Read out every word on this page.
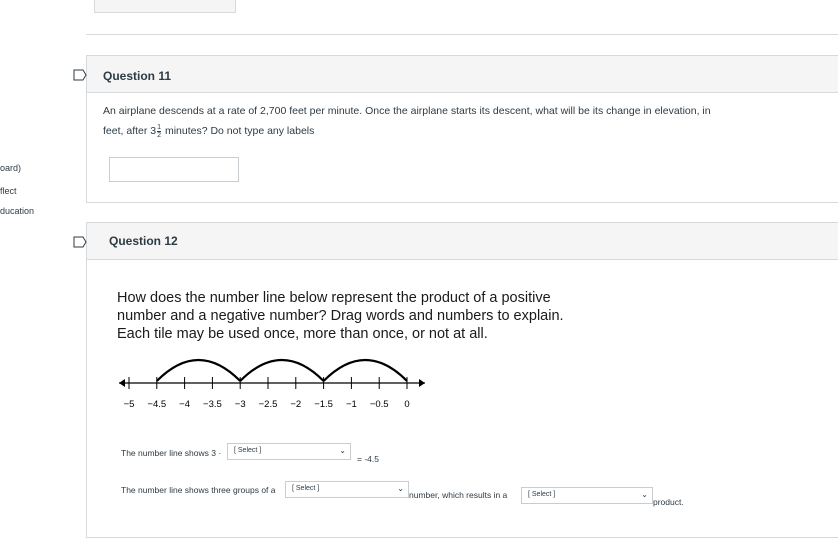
oard)
flect
ducation
Question 11
An airplane descends at a rate of 2,700 feet per minute. Once the airplane starts its descent, what will be its change in elevation, in
feet, after $3 \frac{1}{2}$ minutes? Do not type any labels
Question 12
How does the number line below represent the product of a positive
number and a negative number? Drag words and numbers to explain.
Each tile may be used once, more than once, or not at all.
−5 −4.5 −4 −3.5 −3 −2.5 −2 −1.5 −1 −0.5 0
The number line shows 3 · [ Select ]	⌄
= -4.5
The number line shows three groups of a [ Select ]	⌄
number, which results in a	[ Select ]	⌄
product.
